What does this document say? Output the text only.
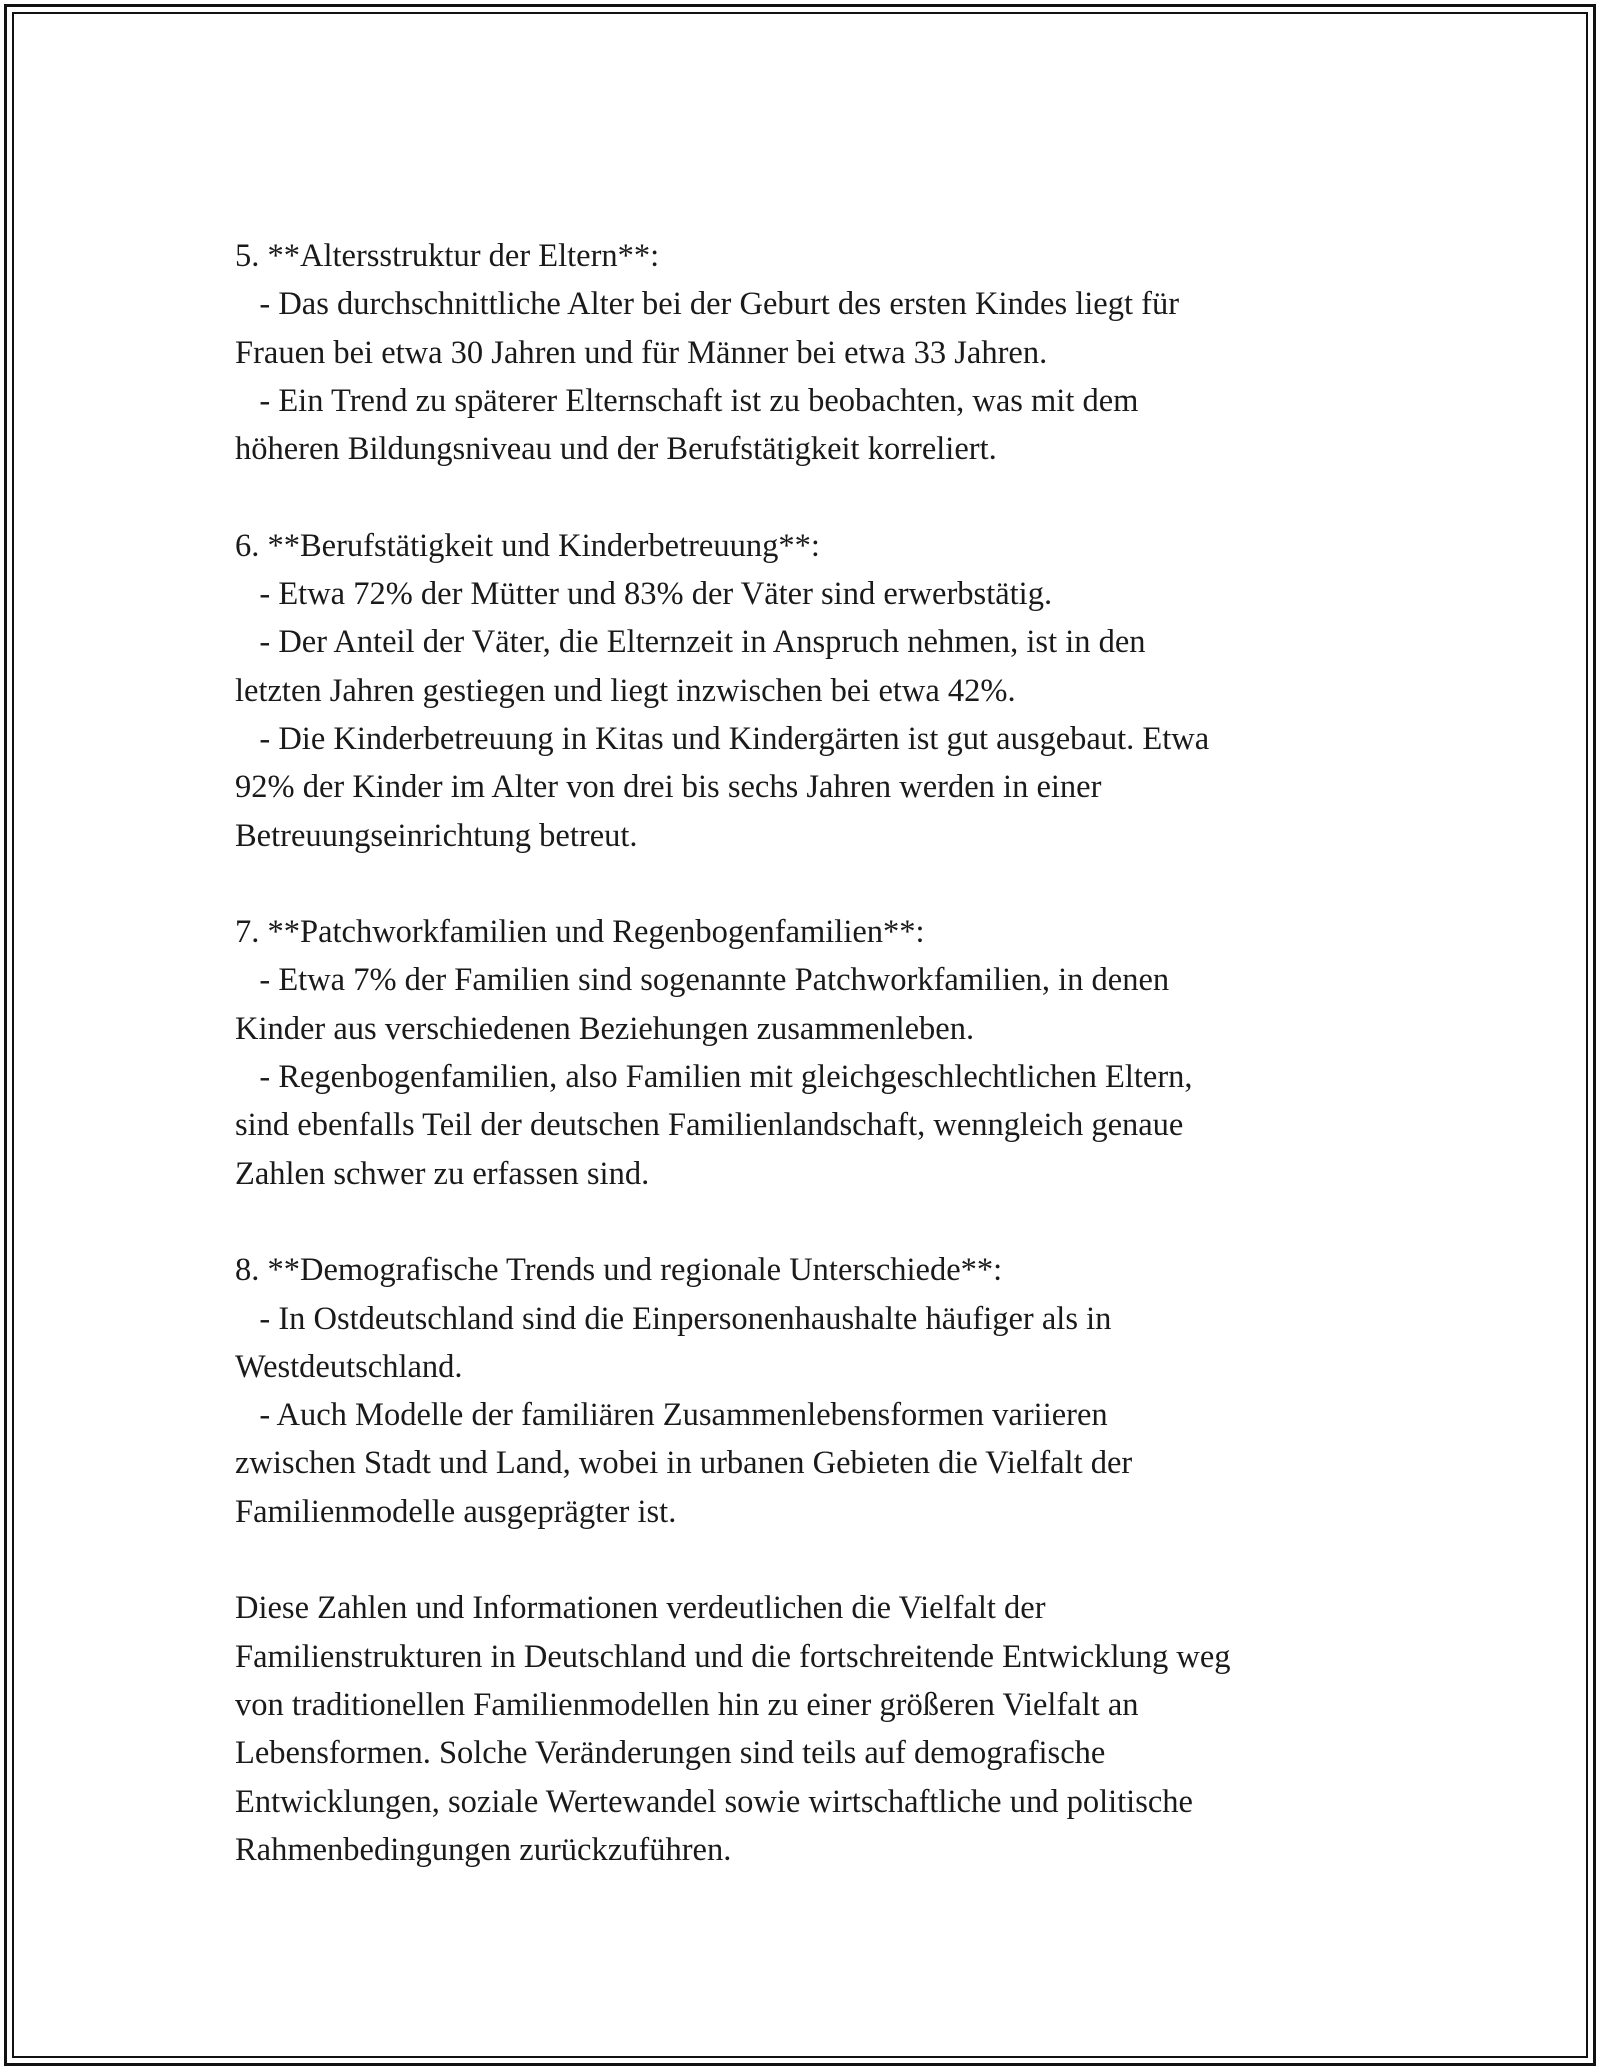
5. **Altersstruktur der Eltern**:

- Das durchschnittliche Alter bei der Geburt des ersten Kindes liegt für
Frauen bei etwa 30 Jahren und für Männer bei etwa 33 Jahren.

- Ein Trend zu späterer Elternschaft ist zu beobachten, was mit dem
höheren Bildungsniveau und der Berufstätigkeit korreliert.

6. **Berufstätigkeit und Kinderbetreuung**:

- Etwa 72% der Mütter und 83% der Väter sind erwerbstätig.

- Der Anteil der Väter, die Elternzeit in Anspruch nehmen, ist in den
letzten Jahren gestiegen und liegt inzwischen bei etwa 42%.

- Die Kinderbetreuung in Kitas und Kindergärten ist gut ausgebaut. Etwa
92% der Kinder im Alter von drei bis sechs Jahren werden in einer
Betreuungseinrichtung betreut.

7. **Patchworkfamilien und Regenbogenfamilien**:

- Etwa 7% der Familien sind sogenannte Patchworkfamilien, in denen
Kinder aus verschiedenen Beziehungen zusammenleben.

- Regenbogenfamilien, also Familien mit gleichgeschlechtlichen Eltern,
sind ebenfalls Teil der deutschen Familienlandschaft, wenngleich genaue
Zahlen schwer zu erfassen sind.

8. **Demografische Trends und regionale Unterschiede**:

- In Ostdeutschland sind die Einpersonenhaushalte häufiger als in
Westdeutschland.

- Auch Modelle der familiären Zusammenlebensformen variieren
zwischen Stadt und Land, wobei in urbanen Gebieten die Vielfalt der
Familienmodelle ausgeprägter ist.

Diese Zahlen und Informationen verdeutlichen die Vielfalt der
Familienstrukturen in Deutschland und die fortschreitende Entwicklung weg
von traditionellen Familienmodellen hin zu einer größeren Vielfalt an
Lebensformen. Solche Veränderungen sind teils auf demografische
Entwicklungen, soziale Wertewandel sowie wirtschaftliche und politische
Rahmenbedingungen zurückzuführen.
